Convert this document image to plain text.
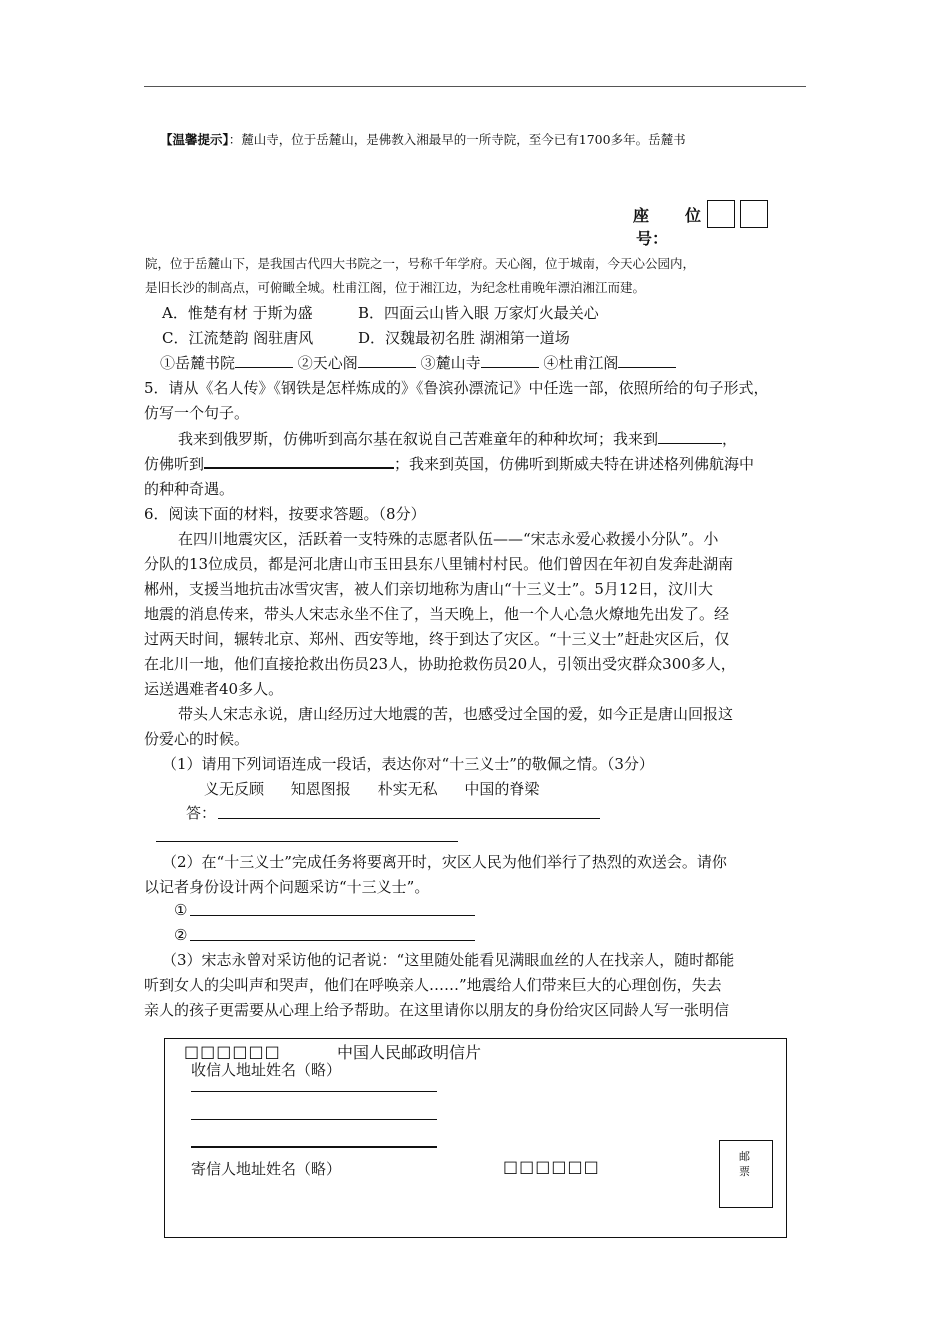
【温馨提示】：麓山寺，位于岳麓山，是佛教入湘最早的一所寺院，至今已有1700多年。岳麓书
座 位
号：
院，位于岳麓山下，是我国古代四大书院之一，号称千年学府。天心阁，位于城南，今天心公园内，
是旧长沙的制高点，可俯瞰全城。杜甫江阁，位于湘江边，为纪念杜甫晚年漂泊湘江而建。
A．惟楚有材 于斯为盛	B．四面云山皆入眼 万家灯火最关心
C．江流楚韵 阁驻唐风	D．汉魏最初名胜 湖湘第一道场
①岳麓书院	②天心阁	③麓山寺	④杜甫江阁
5．请从《名人传》《钢铁是怎样炼成的》《鲁滨孙漂流记》中任选一部，依照所给的句子形式，
仿写一个句子。
我来到俄罗斯，仿佛听到高尔基在叙说自己苦难童年的种种坎坷；我来到	，
仿佛听到	；我来到英国，仿佛听到斯威夫特在讲述格列佛航海中
的种种奇遇。
6．阅读下面的材料，按要求答题。（8分）
在四川地震灾区，活跃着一支特殊的志愿者队伍——“宋志永爱心救援小分队”。小
分队的13位成员，都是河北唐山市玉田县东八里铺村村民。他们曾因在年初自发奔赴湖南
郴州，支援当地抗击冰雪灾害，被人们亲切地称为唐山“十三义士”。5月12日，汶川大
地震的消息传来，带头人宋志永坐不住了，当天晚上，他一个人心急火燎地先出发了。经
过两天时间，辗转北京、郑州、西安等地，终于到达了灾区。“十三义士”赶赴灾区后，仅
在北川一地，他们直接抢救出伤员23人，协助抢救伤员20人，引领出受灾群众300多人，
运送遇难者40多人。
带头人宋志永说，唐山经历过大地震的苦，也感受过全国的爱，如今正是唐山回报这
份爱心的时候。
（1）请用下列词语连成一段话，表达你对“十三义士”的敬佩之情。（3分）
义无反顾 知恩图报 朴实无私 中国的脊梁
答：
（2）在“十三义士”完成任务将要离开时，灾区人民为他们举行了热烈的欢送会。请你
以记者身份设计两个问题采访“十三义士”。
①
②
（3）宋志永曾对采访他的记者说：“这里随处能看见满眼血丝的人在找亲人，随时都能
听到女人的尖叫声和哭声，他们在呼唤亲人……”地震给人们带来巨大的心理创伤，失去
亲人的孩子更需要从心理上给予帮助。在这里请你以朋友的身份给灾区同龄人写一张明信
□□□□□□	中国人民邮政明信片
收信人地址姓名（略）
寄信人地址姓名（略）	□□□□□□
邮票
